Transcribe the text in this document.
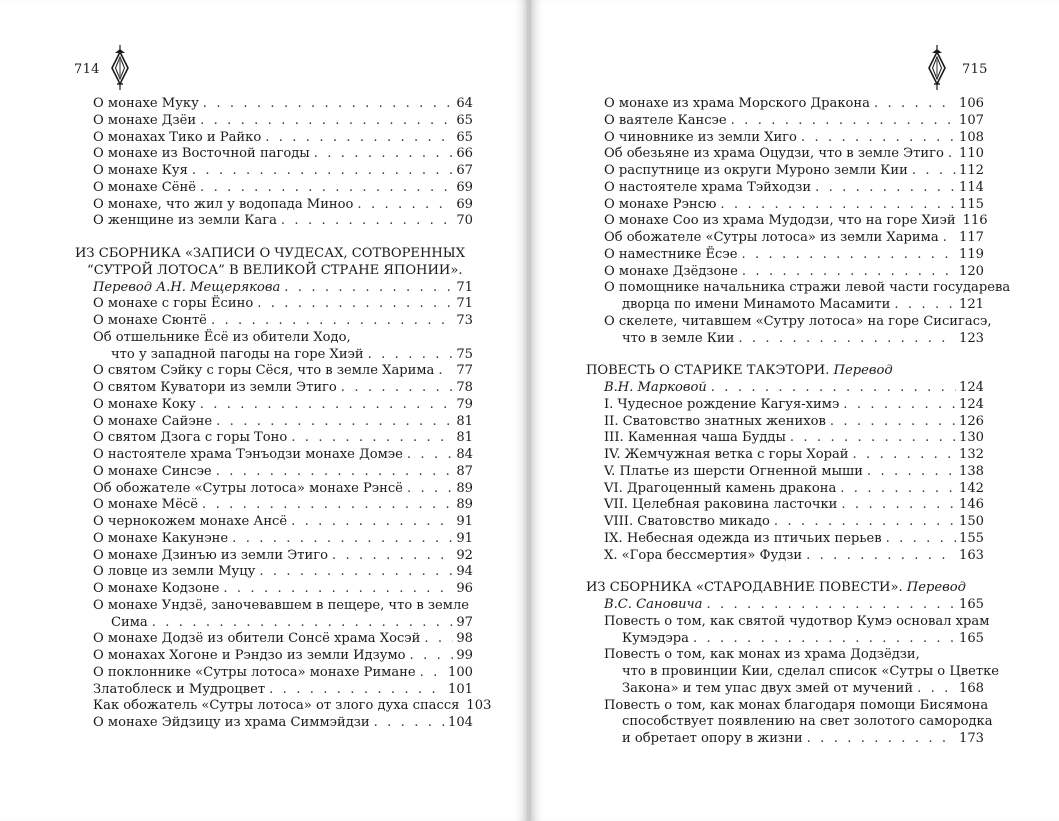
714
О монахе Муку . . .	64
О монахе Дзёи . . .	65
О монахах Тико и Райко . . .	65
О монахе из Восточной пагоды . . .	66
О монахе Куя . . .	67
О монахе Сёнё . . .	69
О монахе, что жил у водопада Миноо . . .	69
О женщине из земли Кага . . .	70
ИЗ СБОРНИКА «ЗАПИСИ О ЧУДЕСАХ, СОТВОРЕННЫХ
“СУТРОЙ ЛОТОСА” В ВЕЛИКОЙ СТРАНЕ ЯПОНИИ».
Перевод А.Н. Мещерякова . . .	71
О монахе с горы Ёсино . . .	71
О монахе Сюнтё . . .	73
Об отшельнике Ёсё из обители Ходо,
что у западной пагоды на горе Хиэй . . .	75
О святом Сэйку с горы Сёся, что в земле Харима . . . 77
О святом Куватори из земли Этиго . . .	78
О монахе Коку . . .	79
О монахе Сайэне . . .	81
О святом Дзога с горы Тоно . . .	81
О настоятеле храма Тэнъодзи монахе Домэе . . .	84
О монахе Синсэе . . .	87
Об обожателе «Сутры лотоса» монахе Рэнсё . . .	89
О монахе Мёсё . . .	89
О чернокожем монахе Ансё . . .	91
О монахе Какунэне . . .	91
О монахе Дзинъю из земли Этиго . . .	92
О ловце из земли Муцу . . .	94
О монахе Кодзоне . . .	96
О монахе Ундзё, заночевавшем в пещере, что в земле
Сима . . .	97
О монахе Додзё из обители Сонсё храма Хосэй . . .	98
О монахах Хогоне и Рэндзо из земли Идзумо . . .	99
О поклоннике «Сутры лотоса» монахе Римане . . . 100
Златоблеск и Мудроцвет . . .	101
Как обожатель «Сутры лотоса» от злого духа спасся 103
О монахе Эйдзицу из храма Симмэйдзи . . .	104
715
О монахе из храма Морского Дракона . . .	106
О ваятеле Кансэе . . .	107
О чиновнике из земли Хиго . . .	108
Об обезьяне из храма Оцудзи, что в земле Этиго . . . 110
О распутнице из округи Муроно земли Кии . . .	112
О настоятеле храма Тэйходзи . . .	114
О монахе Рэнсю . . .	115
О монахе Соо из храма Мудодзи, что на горе Хиэй 116
Об обожателе «Сутры лотоса» из земли Харима . . . 117
О наместнике Ёсэе . . .	119
О монахе Дзёдзоне . . .	120
О помощнике начальника стражи левой части государева
дворца по имени Минамото Масамити . . .	121
О скелете, читавшем «Сутру лотоса» на горе Сисигасэ,
что в земле Кии . . .	123
ПОВЕСТЬ О СТАРИКЕ ТАКЭТОРИ. Перевод
В.Н. Марковой . . .	124
I. Чудесное рождение Кагуя-химэ . . .	124
II. Сватовство знатных женихов . . .	126
III. Каменная чаша Будды . . .	130
IV. Жемчужная ветка с горы Хорай . . .	132
V. Платье из шерсти Огненной мыши . . .	138
VI. Драгоценный камень дракона . . .	142
VII. Целебная раковина ласточки . . .	146
VIII. Сватовство микадо . . .	150
IX. Небесная одежда из птичьих перьев . . .	155
X. «Гора бессмертия» Фудзи . . .	163
ИЗ СБОРНИКА «СТАРОДАВНИЕ ПОВЕСТИ». Перевод
В.С. Сановича . . .	165
Повесть о том, как святой чудотвор Кумэ основал храм
Кумэдэра . . .	165
Повесть о том, как монах из храма Додзёдзи,
что в провинции Кии, сделал список «Сутры о Цветке
Закона» и тем упас двух змей от мучений . . .	168
Повесть о том, как монах благодаря помощи Бисямона
способствует появлению на свет золотого самородка
и обретает опору в жизни . . .	173
